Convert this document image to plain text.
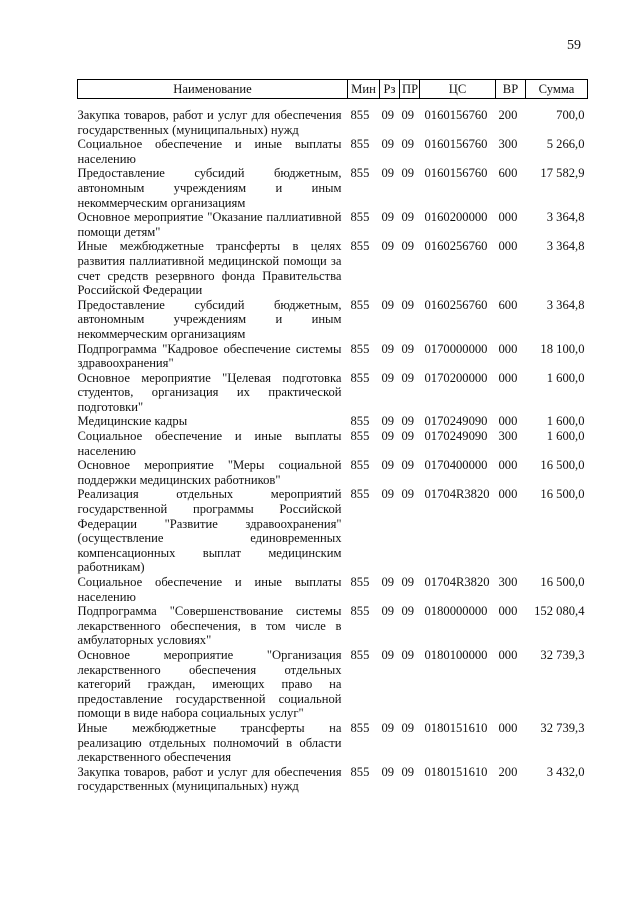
59
Наименование	Мин	Рз	ПР	ЦС	ВР	Сумма
Закупка товаров, работ и услуг для обеспечения государственных (муниципальных) нужд	855	09	09	0160156760	200	700,0
Социальное обеспечение и иные выплаты населению	855	09	09	0160156760	300	5 266,0
Предоставление субсидий бюджетным, автономным учреждениям и иным некоммерческим организациям	855	09	09	0160156760	600	17 582,9
Основное мероприятие "Оказание паллиативной помощи детям"	855	09	09	0160200000	000	3 364,8
Иные межбюджетные трансферты в целях развития паллиативной медицинской помощи за счет средств резервного фонда Правительства Российской Федерации	855	09	09	0160256760	000	3 364,8
Предоставление субсидий бюджетным, автономным учреждениям и иным некоммерческим организациям	855	09	09	0160256760	600	3 364,8
Подпрограмма "Кадровое обеспечение системы здравоохранения"	855	09	09	0170000000	000	18 100,0
Основное мероприятие "Целевая подготовка студентов, организация их практической подготовки"	855	09	09	0170200000	000	1 600,0
Медицинские кадры	855	09	09	0170249090	000	1 600,0
Социальное обеспечение и иные выплаты населению	855	09	09	0170249090	300	1 600,0
Основное мероприятие "Меры социальной поддержки медицинских работников"	855	09	09	0170400000	000	16 500,0
Реализация отдельных мероприятий государственной программы Российской Федерации "Развитие здравоохранения" (осуществление единовременных компенсационных выплат медицинским работникам)	855	09	09	01704R3820	000	16 500,0
Социальное обеспечение и иные выплаты населению	855	09	09	01704R3820	300	16 500,0
Подпрограмма "Совершенствование системы лекарственного обеспечения, в том числе в амбулаторных условиях"	855	09	09	0180000000	000	152 080,4
Основное мероприятие "Организация лекарственного обеспечения отдельных категорий граждан, имеющих право на предоставление государственной социальной помощи в виде набора социальных услуг"	855	09	09	0180100000	000	32 739,3
Иные межбюджетные трансферты на реализацию отдельных полномочий в области лекарственного обеспечения	855	09	09	0180151610	000	32 739,3
Закупка товаров, работ и услуг для обеспечения государственных (муниципальных) нужд	855	09	09	0180151610	200	3 432,0
